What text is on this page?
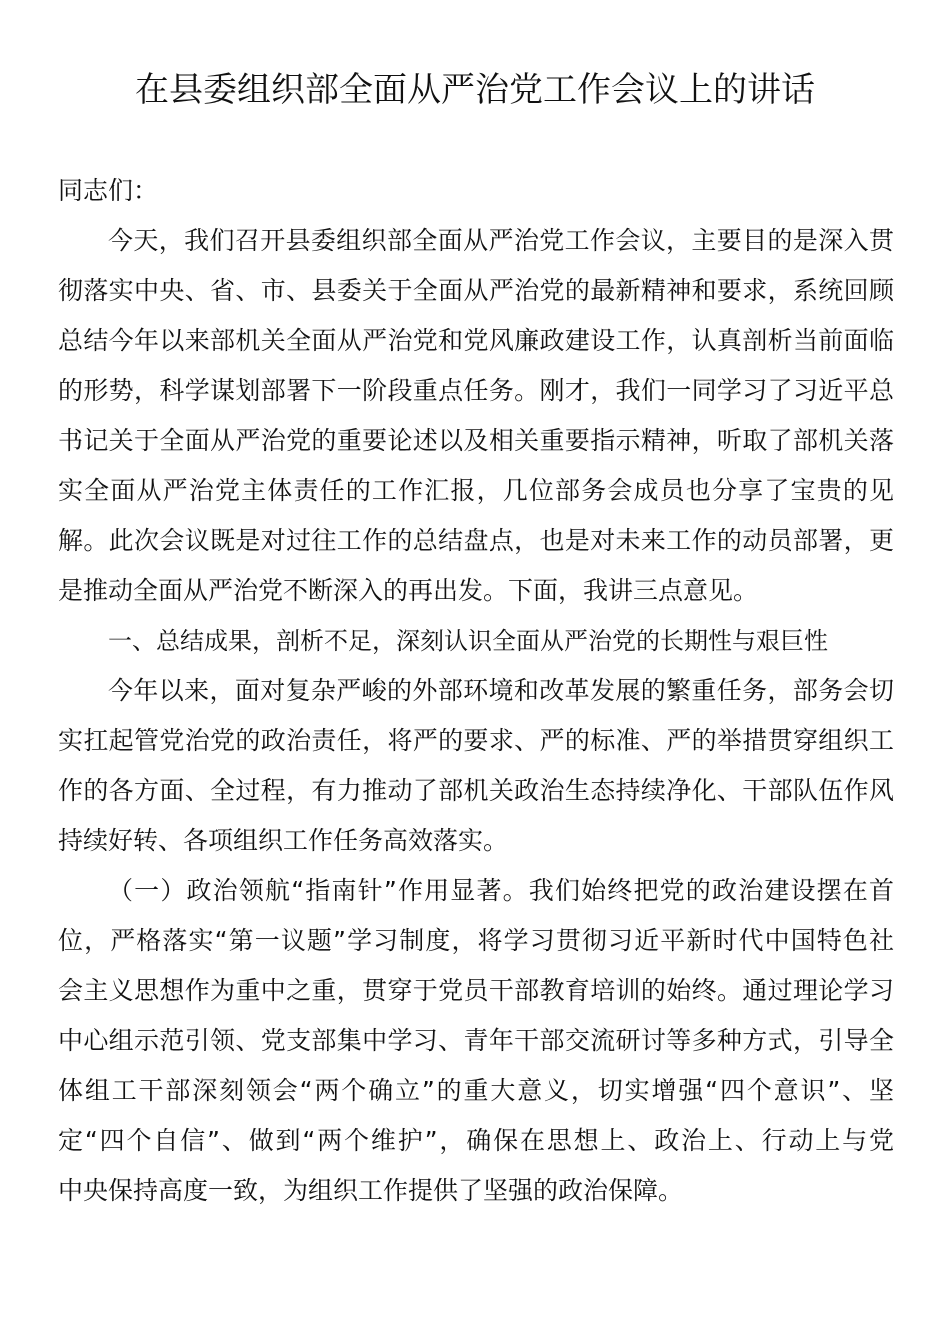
在县委组织部全面从严治党工作会议上的讲话
同志们：
今天，我们召开县委组织部全面从严治党工作会议，主要目的是深入贯
彻落实中央、省、市、县委关于全面从严治党的最新精神和要求，系统回顾
总结今年以来部机关全面从严治党和党风廉政建设工作，认真剖析当前面临
的形势，科学谋划部署下一阶段重点任务。刚才，我们一同学习了习近平总
书记关于全面从严治党的重要论述以及相关重要指示精神，听取了部机关落
实全面从严治党主体责任的工作汇报，几位部务会成员也分享了宝贵的见
解。此次会议既是对过往工作的总结盘点，也是对未来工作的动员部署，更
是推动全面从严治党不断深入的再出发。下面，我讲三点意见。
一、总结成果，剖析不足，深刻认识全面从严治党的长期性与艰巨性
今年以来，面对复杂严峻的外部环境和改革发展的繁重任务，部务会切
实扛起管党治党的政治责任，将严的要求、严的标准、严的举措贯穿组织工
作的各方面、全过程，有力推动了部机关政治生态持续净化、干部队伍作风
持续好转、各项组织工作任务高效落实。
（一）政治领航“指南针”作用显著。我们始终把党的政治建设摆在首
位，严格落实“第一议题”学习制度，将学习贯彻习近平新时代中国特色社
会主义思想作为重中之重，贯穿于党员干部教育培训的始终。通过理论学习
中心组示范引领、党支部集中学习、青年干部交流研讨等多种方式，引导全
体组工干部深刻领会“两个确立”的重大意义，切实增强“四个意识”、坚
定“四个自信”、做到“两个维护”，确保在思想上、政治上、行动上与党
中央保持高度一致，为组织工作提供了坚强的政治保障。
